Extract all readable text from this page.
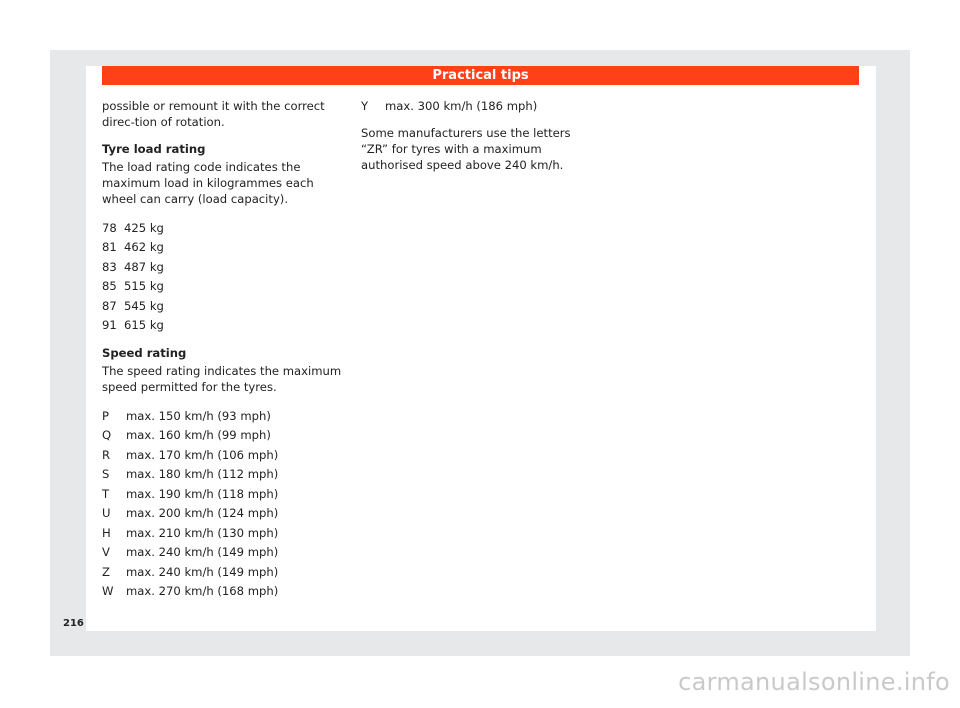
Practical tips

possible or remount it with the correct direc-tion of rotation.

Tyre load rating

The load rating code indicates the maximum load in kilogrammes each wheel can carry (load capacity).

78 425 kg
81 462 kg
83 487 kg
85 515 kg
87 545 kg
91 615 kg
Speed rating

The speed rating indicates the maximum speed permitted for the tyres.

P	max. 150 km/h (93 mph)
Q	max. 160 km/h (99 mph)
R	max. 170 km/h (106 mph)
S	max. 180 km/h (112 mph)
T	max. 190 km/h (118 mph)
U	max. 200 km/h (124 mph)
H	max. 210 km/h (130 mph)
V	max. 240 km/h (149 mph)
Z	max. 240 km/h (149 mph)
W	max. 270 km/h (168 mph)
Y	max. 300 km/h (186 mph)

Some manufacturers use the letters “ZR” for tyres with a maximum authorised speed above 240 km/h.

216
carmanualsonline.info
